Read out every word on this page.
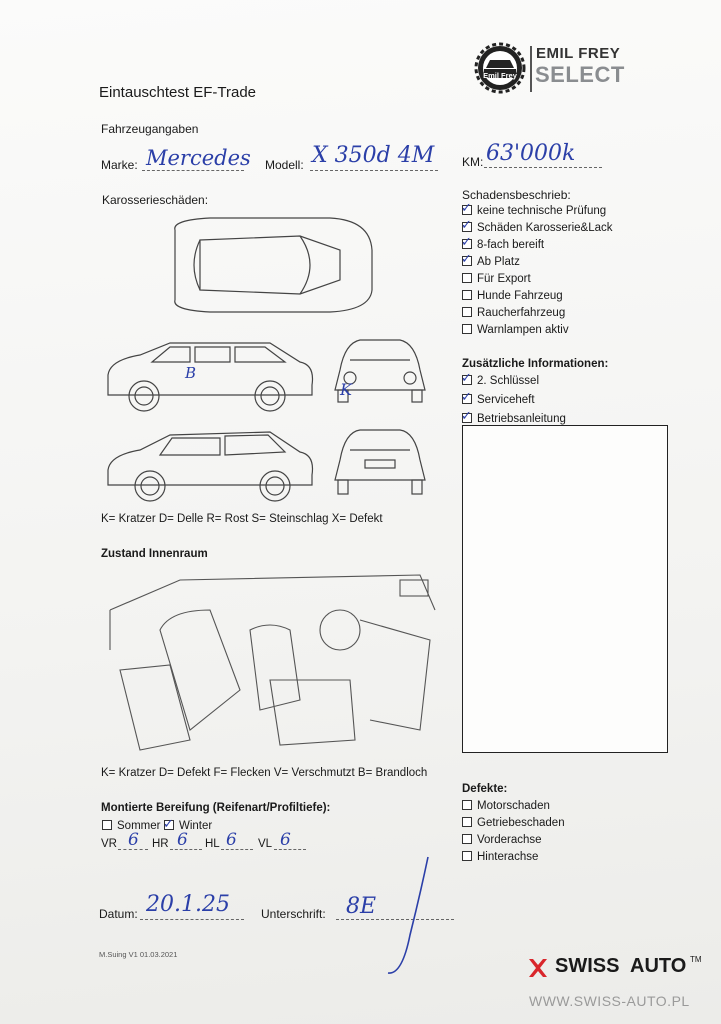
Emil Frey
EMIL FREY
SELECT
Eintauschtest EF-Trade
Fahrzeugangaben
Marke: Mercedes Modell: X 350d 4M KM: 63'000k
Karosserieschäden:
B
K
K= Kratzer D= Delle R= Rost S= Steinschlag X= Defekt
Zustand Innenraum
K= Kratzer D= Defekt F= Flecken V= Verschmutzt B= Brandloch
Montierte Bereifung (Reifenart/Profiltiefe):
Sommer	Winter
✓
VR 6 HR 6 HL 6 VL 6
Datum: 20.1.25	Unterschrift: 8E
M.Suing V1 01.03.2021
Schadensbeschrieb:
keine technische Prüfung
✓
Schäden Karosserie&Lack
✓
8-fach bereift
✓
Ab Platz
✓
Für Export
Hunde Fahrzeug
Raucherfahrzeug
Warnlampen aktiv
Zusätzliche Informationen:
2. Schlüssel
✓
Serviceheft
✓
Betriebsanleitung
✓
Defekte:
Motorschaden
Getriebeschaden
Vorderachse
Hinterachse
SWISS AUTO TM
WWW.SWISS-AUTO.PL
